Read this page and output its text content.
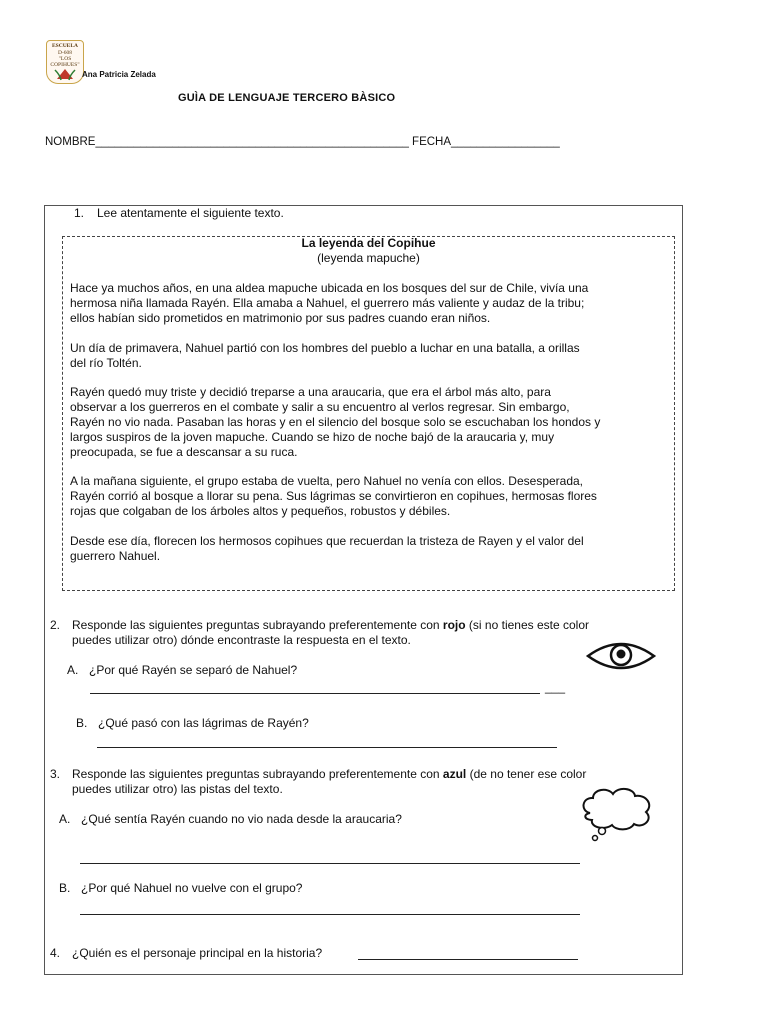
ESCUELA
D-608
"LOS
COPIHUES"
Ana Patricia Zelada
GUÌA DE LENGUAJE TERCERO BÀSICO
NOMBRE_________________________________________________ FECHA_________________
1. Lee atentamente el siguiente texto.
La leyenda del Copihue
(leyenda mapuche)
Hace ya muchos años, en una aldea mapuche ubicada en los bosques del sur de Chile, vivía una
hermosa niña llamada Rayén. Ella amaba a Nahuel, el guerrero más valiente y audaz de la tribu;
ellos habían sido prometidos en matrimonio por sus padres cuando eran niños.
Un día de primavera, Nahuel partió con los hombres del pueblo a luchar en una batalla, a orillas
del río Toltén.
Rayén quedó muy triste y decidió treparse a una araucaria, que era el árbol más alto, para
observar a los guerreros en el combate y salir a su encuentro al verlos regresar. Sin embargo,
Rayén no vio nada. Pasaban las horas y en el silencio del bosque solo se escuchaban los hondos y
largos suspiros de la joven mapuche. Cuando se hizo de noche bajó de la araucaria y, muy
preocupada, se fue a descansar a su ruca.
A la mañana siguiente, el grupo estaba de vuelta, pero Nahuel no venía con ellos. Desesperada,
Rayén corrió al bosque a llorar su pena. Sus lágrimas se convirtieron en copihues, hermosas flores
rojas que colgaban de los árboles altos y pequeños, robustos y débiles.
Desde ese día, florecen los hermosos copihues que recuerdan la tristeza de Rayen y el valor del
guerrero Nahuel.
2. Responde las siguientes preguntas subrayando preferentemente con rojo (si no tienes este color
puedes utilizar otro) dónde encontraste la respuesta en el texto.
A. ¿Por qué Rayén se separó de Nahuel?
___
B. ¿Qué pasó con las lágrimas de Rayén?
3. Responde las siguientes preguntas subrayando preferentemente con azul (de no tener ese color
puedes utilizar otro) las pistas del texto.
A. ¿Qué sentía Rayén cuando no vio nada desde la araucaria?
B. ¿Por qué Nahuel no vuelve con el grupo?
4. ¿Quién es el personaje principal en la historia?
